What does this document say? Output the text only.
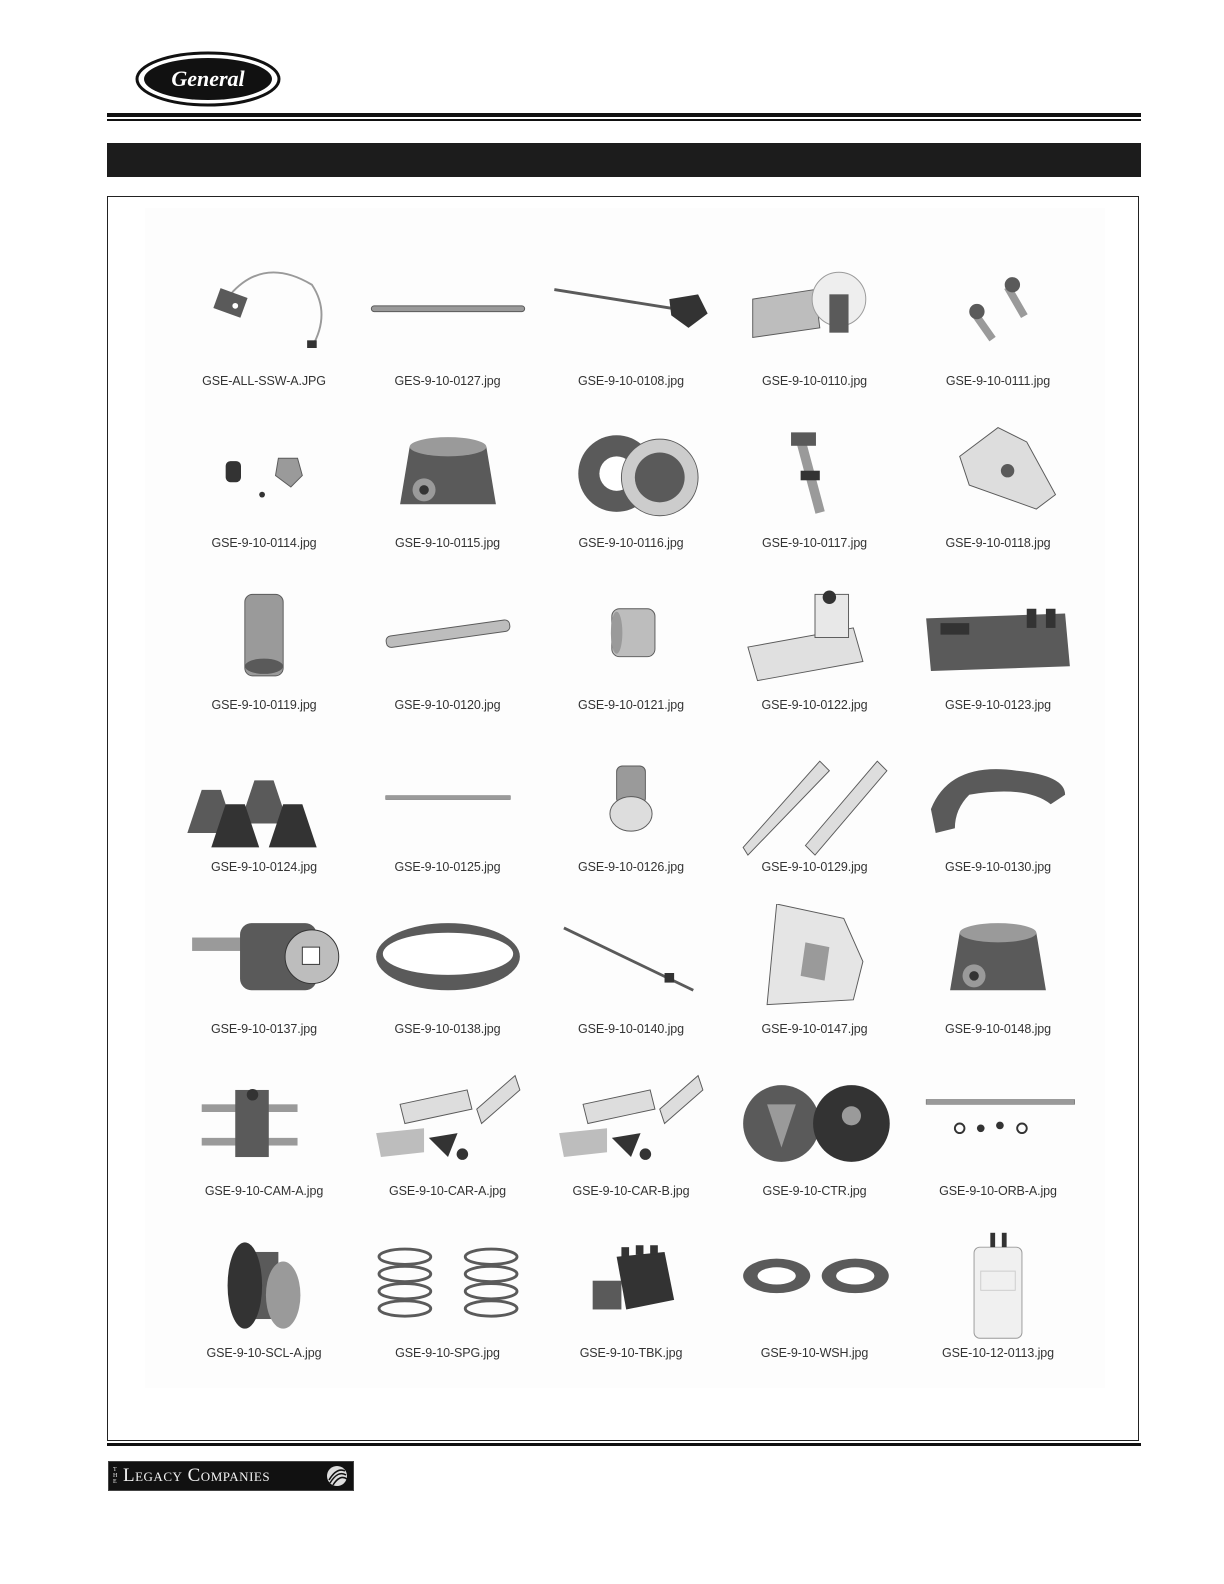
General
GSE-ALL-SSW-A.JPG	GES-9-10-0127.jpg	GSE-9-10-0108.jpg	GSE-9-10-0110.jpg	GSE-9-10-0111.jpg
GSE-9-10-0114.jpg	GSE-9-10-0115.jpg	GSE-9-10-0116.jpg	GSE-9-10-0117.jpg	GSE-9-10-0118.jpg
GSE-9-10-0119.jpg	GSE-9-10-0120.jpg	GSE-9-10-0121.jpg	GSE-9-10-0122.jpg	GSE-9-10-0123.jpg
GSE-9-10-0124.jpg	GSE-9-10-0125.jpg	GSE-9-10-0126.jpg	GSE-9-10-0129.jpg	GSE-9-10-0130.jpg
GSE-9-10-0137.jpg	GSE-9-10-0138.jpg	GSE-9-10-0140.jpg	GSE-9-10-0147.jpg	GSE-9-10-0148.jpg
GSE-9-10-CAM-A.jpg	GSE-9-10-CAR-A.jpg	GSE-9-10-CAR-B.jpg	GSE-9-10-CTR.jpg	GSE-9-10-ORB-A.jpg
GSE-9-10-SCL-A.jpg	GSE-9-10-SPG.jpg	GSE-9-10-TBK.jpg	GSE-9-10-WSH.jpg	GSE-10-12-0113.jpg
THE Legacy Companies
